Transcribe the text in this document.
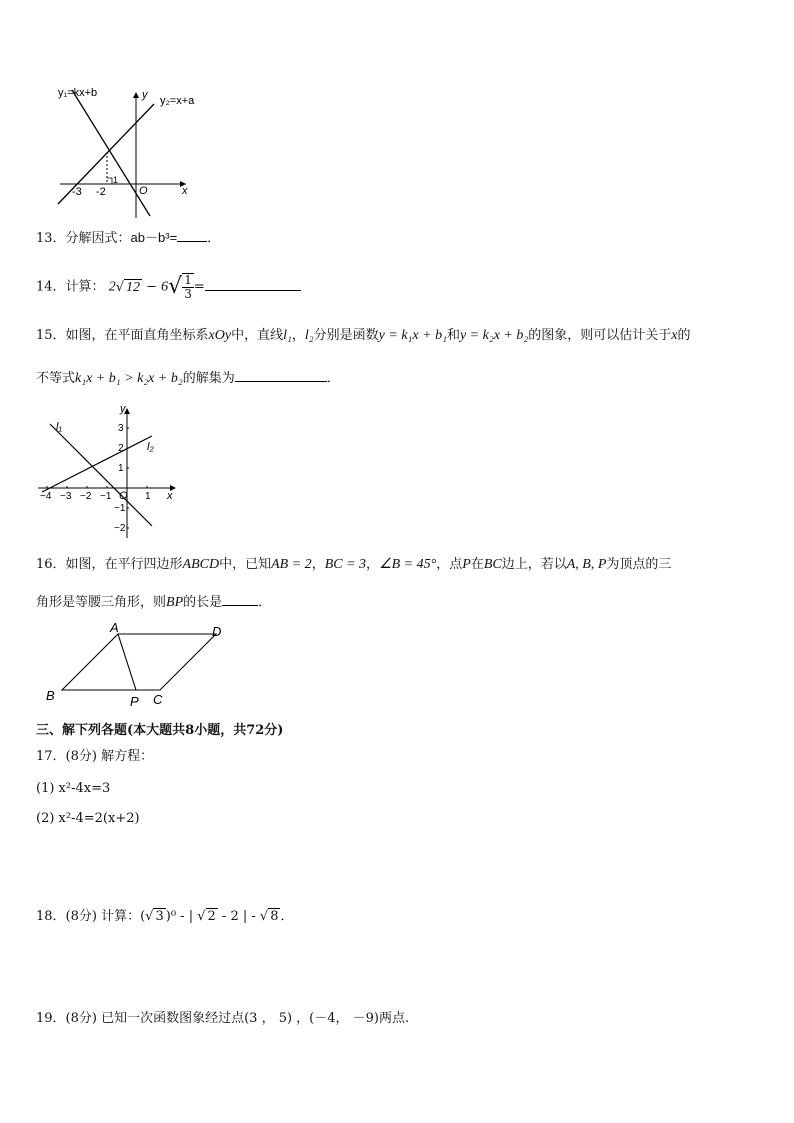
y₁=kx+b
y₂=x+a
y
x
O
-3 -2
1
13．分解因式：ab－b³= ．
14．计算： 2√ $12 - 6√ \frac{1}{3}$ =
15．如图，在平面直角坐标系xOy中，直线l₁，l₂分别是函数y = k₁x + b₁和y = k₂x + b₂的图象，则可以估计关于x的
不等式k₁x + b₁ > k₂x + b₂的解集为	．
y
x
O
l₁
l₂
−4 −3 −2 −1	1
3
2
1
−1
−2
16．如图，在平行四边形ABCD中，已知AB = 2，BC = 3，∠B = 45°，点P在BC边上，若以A, B, P为顶点的三
角形是等腰三角形，则BP的长是	．
A	D
B	P C
三、解下列各题(本大题共8小题，共72分)
17．(8分) 解方程：
(1) x²-4x=3
(2) x²-4=2(x+2)
18．(8分) 计算：(√ 3 )⁰ - | √ 2 - 2 | - √ 8 ．
19．(8分) 已知一次函数图象经过点(3 ， 5) ，(－4， －9)两点.
